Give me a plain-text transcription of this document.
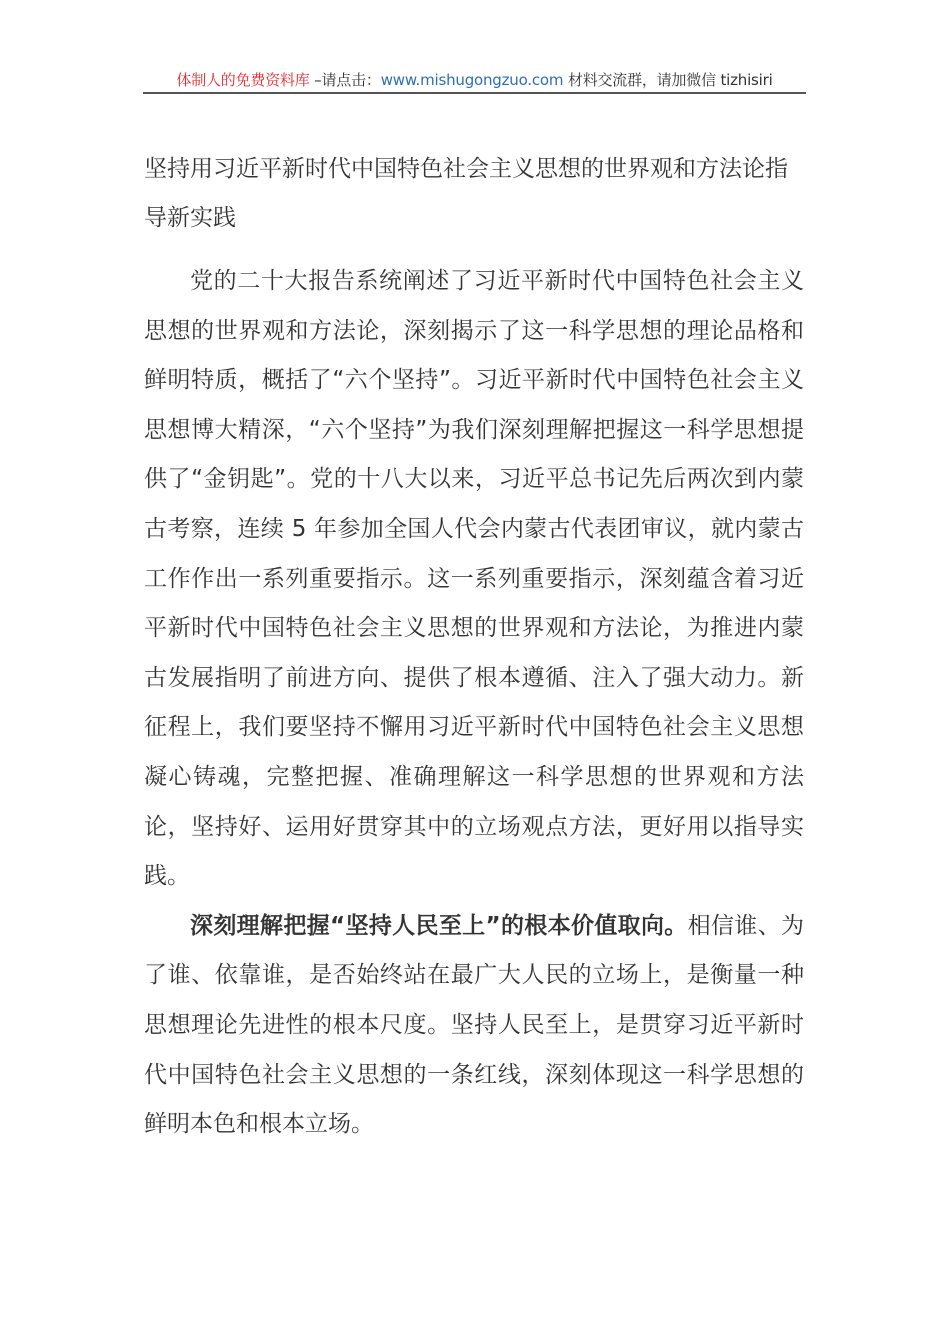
体制人的免费资料库 –请点击：www.mishugongzuo.com 材料交流群，请加微信 tizhisiri
坚持用习近平新时代中国特色社会主义思想的世界观和方法论指导新实践

党的二十大报告系统阐述了习近平新时代中国特色社会主义思想的世界观和方法论，深刻揭示了这一科学思想的理论品格和鲜明特质，概括了“六个坚持”。习近平新时代中国特色社会主义思想博大精深，“六个坚持”为我们深刻理解把握这一科学思想提供了“金钥匙”。党的十八大以来，习近平总书记先后两次到内蒙古考察，连续 5 年参加全国人代会内蒙古代表团审议，就内蒙古工作作出一系列重要指示。这一系列重要指示，深刻蕴含着习近平新时代中国特色社会主义思想的世界观和方法论，为推进内蒙古发展指明了前进方向、提供了根本遵循、注入了强大动力。新征程上，我们要坚持不懈用习近平新时代中国特色社会主义思想凝心铸魂，完整把握、准确理解这一科学思想的世界观和方法论，坚持好、运用好贯穿其中的立场观点方法，更好用以指导实践。

深刻理解把握“坚持人民至上”的根本价值取向。相信谁、为了谁、依靠谁，是否始终站在最广大人民的立场上，是衡量一种思想理论先进性的根本尺度。坚持人民至上，是贯穿习近平新时代中国特色社会主义思想的一条红线，深刻体现这一科学思想的鲜明本色和根本立场。
